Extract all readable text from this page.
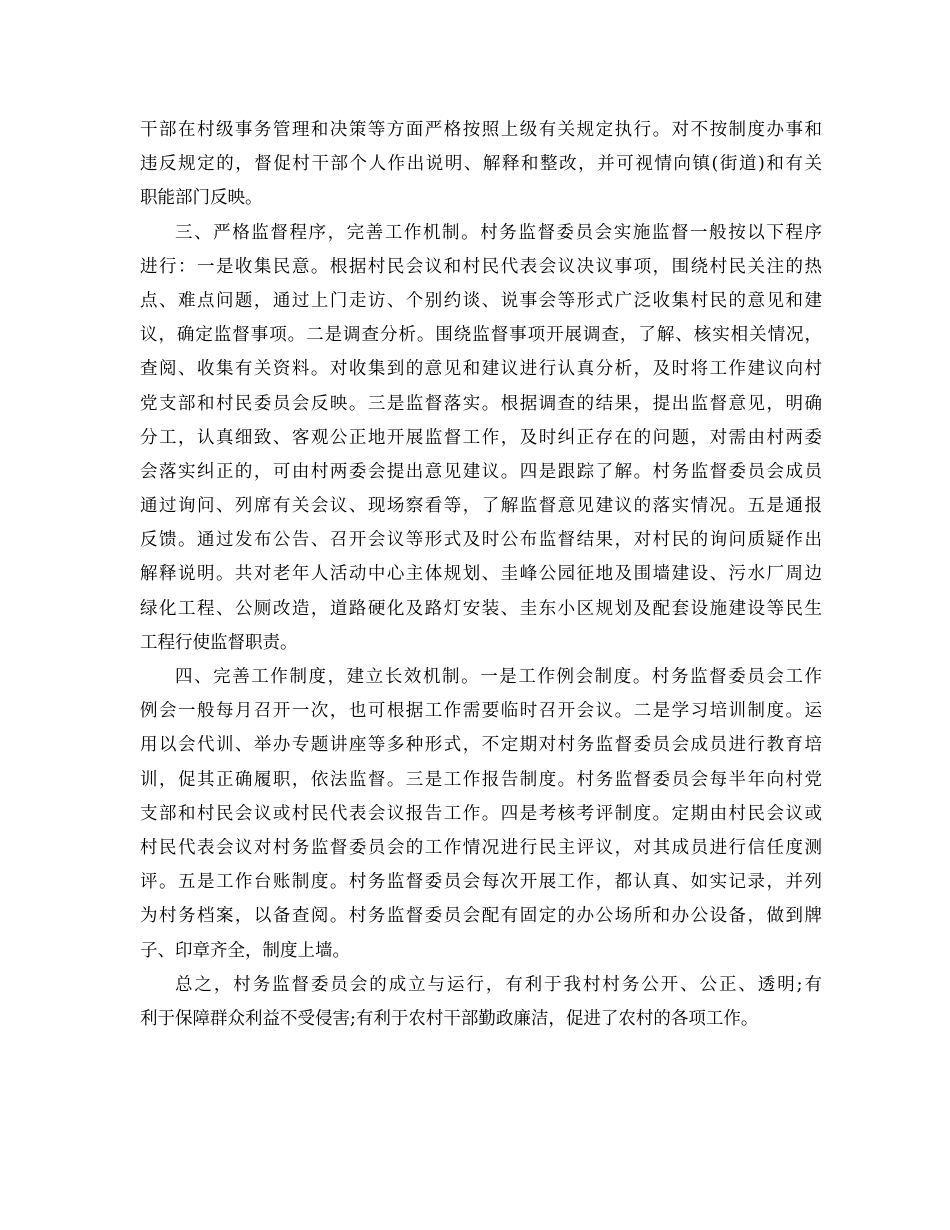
干部在村级事务管理和决策等方面严格按照上级有关规定执行。对不按制度办事和
违反规定的，督促村干部个人作出说明、解释和整改，并可视情向镇(街道)和有关
职能部门反映。
三、严格监督程序，完善工作机制。村务监督委员会实施监督一般按以下程序
进行：一是收集民意。根据村民会议和村民代表会议决议事项，围绕村民关注的热
点、难点问题，通过上门走访、个别约谈、说事会等形式广泛收集村民的意见和建
议，确定监督事项。二是调查分析。围绕监督事项开展调查，了解、核实相关情况，
查阅、收集有关资料。对收集到的意见和建议进行认真分析，及时将工作建议向村
党支部和村民委员会反映。三是监督落实。根据调查的结果，提出监督意见，明确
分工，认真细致、客观公正地开展监督工作，及时纠正存在的问题，对需由村两委
会落实纠正的，可由村两委会提出意见建议。四是跟踪了解。村务监督委员会成员
通过询问、列席有关会议、现场察看等，了解监督意见建议的落实情况。五是通报
反馈。通过发布公告、召开会议等形式及时公布监督结果，对村民的询问质疑作出
解释说明。共对老年人活动中心主体规划、圭峰公园征地及围墙建设、污水厂周边
绿化工程、公厕改造，道路硬化及路灯安装、圭东小区规划及配套设施建设等民生
工程行使监督职责。
四、完善工作制度，建立长效机制。一是工作例会制度。村务监督委员会工作
例会一般每月召开一次，也可根据工作需要临时召开会议。二是学习培训制度。运
用以会代训、举办专题讲座等多种形式，不定期对村务监督委员会成员进行教育培
训，促其正确履职，依法监督。三是工作报告制度。村务监督委员会每半年向村党
支部和村民会议或村民代表会议报告工作。四是考核考评制度。定期由村民会议或
村民代表会议对村务监督委员会的工作情况进行民主评议，对其成员进行信任度测
评。五是工作台账制度。村务监督委员会每次开展工作，都认真、如实记录，并列
为村务档案，以备查阅。村务监督委员会配有固定的办公场所和办公设备，做到牌
子、印章齐全，制度上墙。
总之，村务监督委员会的成立与运行，有利于我村村务公开、公正、透明;有
利于保障群众利益不受侵害;有利于农村干部勤政廉洁，促进了农村的各项工作。
